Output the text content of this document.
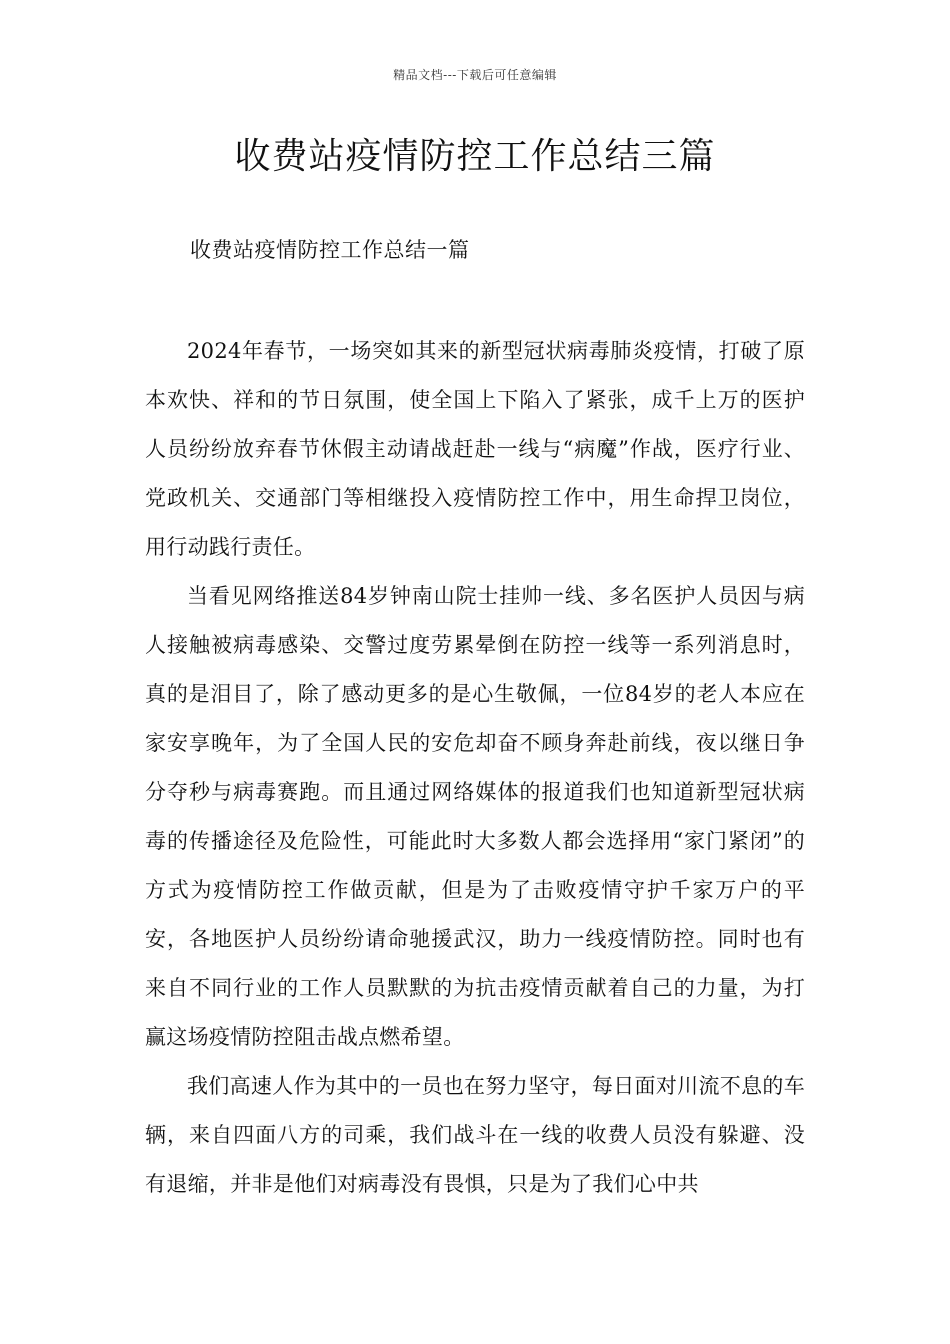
精品文档---下载后可任意编辑
收费站疫情防控工作总结三篇
收费站疫情防控工作总结一篇

2024年春节，一场突如其来的新型冠状病毒肺炎疫情，打破了原本欢快、祥和的节日氛围，使全国上下陷入了紧张，成千上万的医护人员纷纷放弃春节休假主动请战赶赴一线与“病魔”作战，医疗行业、党政机关、交通部门等相继投入疫情防控工作中，用生命捍卫岗位，用行动践行责任。

当看见网络推送84岁钟南山院士挂帅一线、多名医护人员因与病人接触被病毒感染、交警过度劳累晕倒在防控一线等一系列消息时，真的是泪目了，除了感动更多的是心生敬佩，一位84岁的老人本应在家安享晚年，为了全国人民的安危却奋不顾身奔赴前线，夜以继日争分夺秒与病毒赛跑。而且通过网络媒体的报道我们也知道新型冠状病毒的传播途径及危险性，可能此时大多数人都会选择用“家门紧闭”的方式为疫情防控工作做贡献，但是为了击败疫情守护千家万户的平安，各地医护人员纷纷请命驰援武汉，助力一线疫情防控。同时也有来自不同行业的工作人员默默的为抗击疫情贡献着自己的力量，为打赢这场疫情防控阻击战点燃希望。

我们高速人作为其中的一员也在努力坚守，每日面对川流不息的车辆，来自四面八方的司乘，我们战斗在一线的收费人员没有躲避、没有退缩，并非是他们对病毒没有畏惧，只是为了我们心中共
